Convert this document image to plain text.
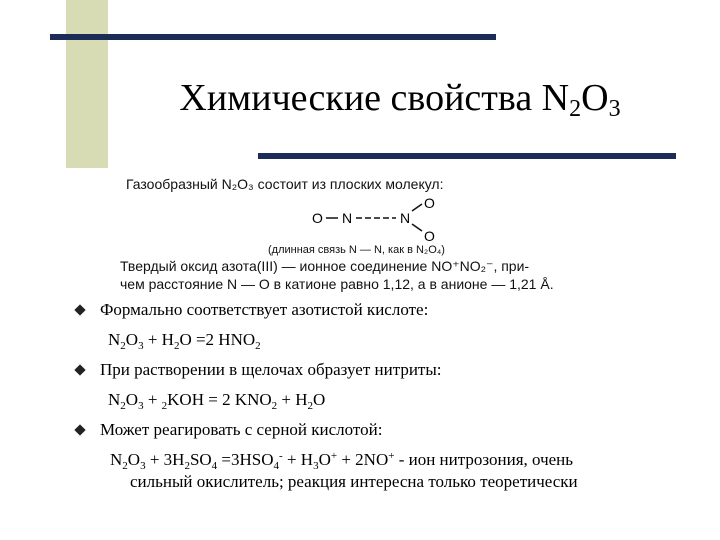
Химические свойства $N_2O_3$
Газообразный N₂O₃ состоит из плоских молекул:
O N	N
O
O
(длинная связь N — N, как в N₂O₄)
Твердый оксид азота(III) — ионное соединение NO⁺NO₂⁻, при-
чем расстояние N — O в катионе равно 1,12, а в анионе — 1,21 Å.
Формально соответствует азотистой кислоте:
$N_2O_3 + H_2O =2$ $HNO_2$
При растворении в щелочах образует нитриты:
$N_2O_3 + _2KOH = 2$ $KNO_2 + H_2O$
Может реагировать с серной кислотой:
$N_2O_3 + 3H_2SO_4 =3HSO_4^- + H_3O^+ + 2NO^+$ - ион нитрозония, очень
сильный окислитель; реакция интересна только теоретически
